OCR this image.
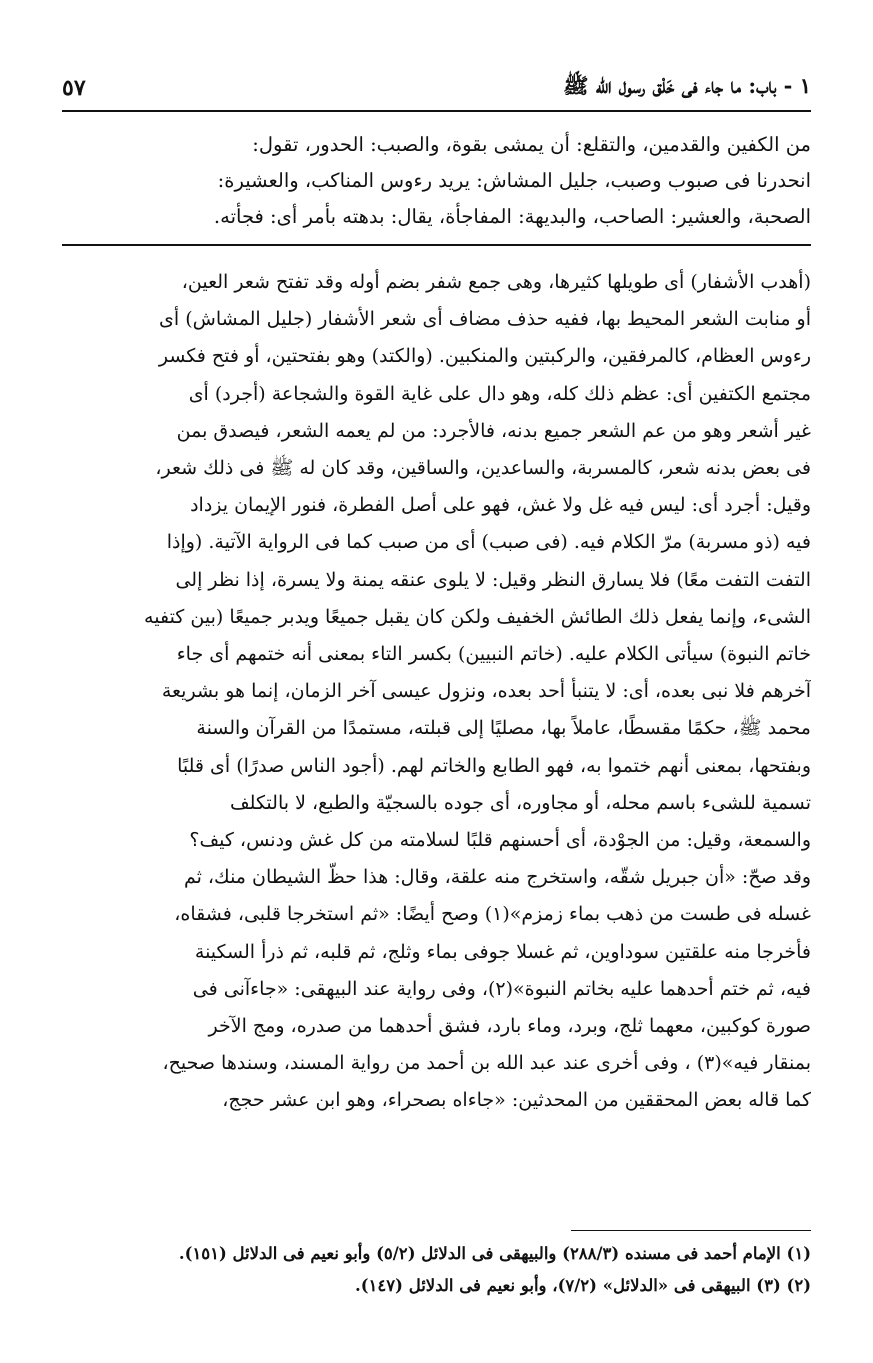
٥٧	١ - باب: ما جاء فى خَلْق رسول الله ﷺ
من الكفين والقدمين، والتقلع: أن يمشى بقوة، والصبب: الحدور، تقول:
انحدرنا فى صبوب وصبب، جليل المشاش: يريد رءوس المناكب، والعشيرة:
الصحبة، والعشير: الصاحب، والبديهة: المفاجأة، يقال: بدهته بأمر أى: فجأته.
(أهدب الأشفار) أى طويلها كثيرها، وهى جمع شفر بضم أوله وقد تفتح شعر العين،
أو منابت الشعر المحيط بها، ففيه حذف مضاف أى شعر الأشفار (جليل المشاش) أى
رءوس العظام، كالمرفقين، والركبتين والمنكبين. (والكتد) وهو بفتحتين، أو فتح فكسر
مجتمع الكتفين أى: عظم ذلك كله، وهو دال على غاية القوة والشجاعة (أجرد) أى
غير أشعر وهو من عم الشعر جميع بدنه، فالأجرد: من لم يعمه الشعر، فيصدق بمن
فى بعض بدنه شعر، كالمسربة، والساعدين، والساقين، وقد كان له ﷺ فى ذلك شعر،
وقيل: أجرد أى: ليس فيه غل ولا غش، فهو على أصل الفطرة، فنور الإيمان يزداد
فيه (ذو مسربة) مرّ الكلام فيه. (فى صبب) أى من صبب كما فى الرواية الآتية. (وإذا
التفت التفت معًا) فلا يسارق النظر وقيل: لا يلوى عنقه يمنة ولا يسرة، إذا نظر إلى
الشىء، وإنما يفعل ذلك الطائش الخفيف ولكن كان يقبل جميعًا ويدبر جميعًا (بين كتفيه
خاتم النبوة) سيأتى الكلام عليه. (خاتم النبيين) بكسر التاء بمعنى أنه ختمهم أى جاء
آخرهم فلا نبى بعده، أى: لا يتنبأ أحد بعده، ونزول عيسى آخر الزمان، إنما هو بشريعة
محمد ﷺ، حكمًا مقسطًا، عاملاً بها، مصليًا إلى قبلته، مستمدًا من القرآن والسنة
وبفتحها، بمعنى أنهم ختموا به، فهو الطابع والخاتم لهم. (أجود الناس صدرًا) أى قلبًا
تسمية للشىء باسم محله، أو مجاوره، أى جوده بالسجيّة والطبع، لا بالتكلف
والسمعة، وقيل: من الجوْدة، أى أحسنهم قلبًا لسلامته من كل غش ودنس، كيف؟
وقد صحّ: «أن جبريل شقّه، واستخرج منه علقة، وقال: هذا حظّ الشيطان منك، ثم
غسله فى طست من ذهب بماء زمزم»(١) وصح أيضًا: «ثم استخرجا قلبى، فشقاه،
فأخرجا منه علقتين سوداوين، ثم غسلا جوفى بماء وثلج، ثم قلبه، ثم ذرأ السكينة
فيه، ثم ختم أحدهما عليه بخاتم النبوة»(٢)، وفى رواية عند البيهقى: «جاءآنى فى
صورة كوكبين، معهما ثلج، وبرد، وماء بارد، فشق أحدهما من صدره، ومج الآخر
بمنقار فيه»(٣) ، وفى أخرى عند عبد الله بن أحمد من رواية المسند، وسندها صحيح،
كما قاله بعض المحققين من المحدثين: «جاءاه بصحراء، وهو ابن عشر حجج،
(١) الإمام أحمد فى مسنده (٢٨٨/٣) والبيهقى فى الدلائل (٥/٢) وأبو نعيم فى الدلائل (١٥١).
(٢) (٣) البيهقى فى «الدلائل» (٧/٢)، وأبو نعيم فى الدلائل (١٤٧).
